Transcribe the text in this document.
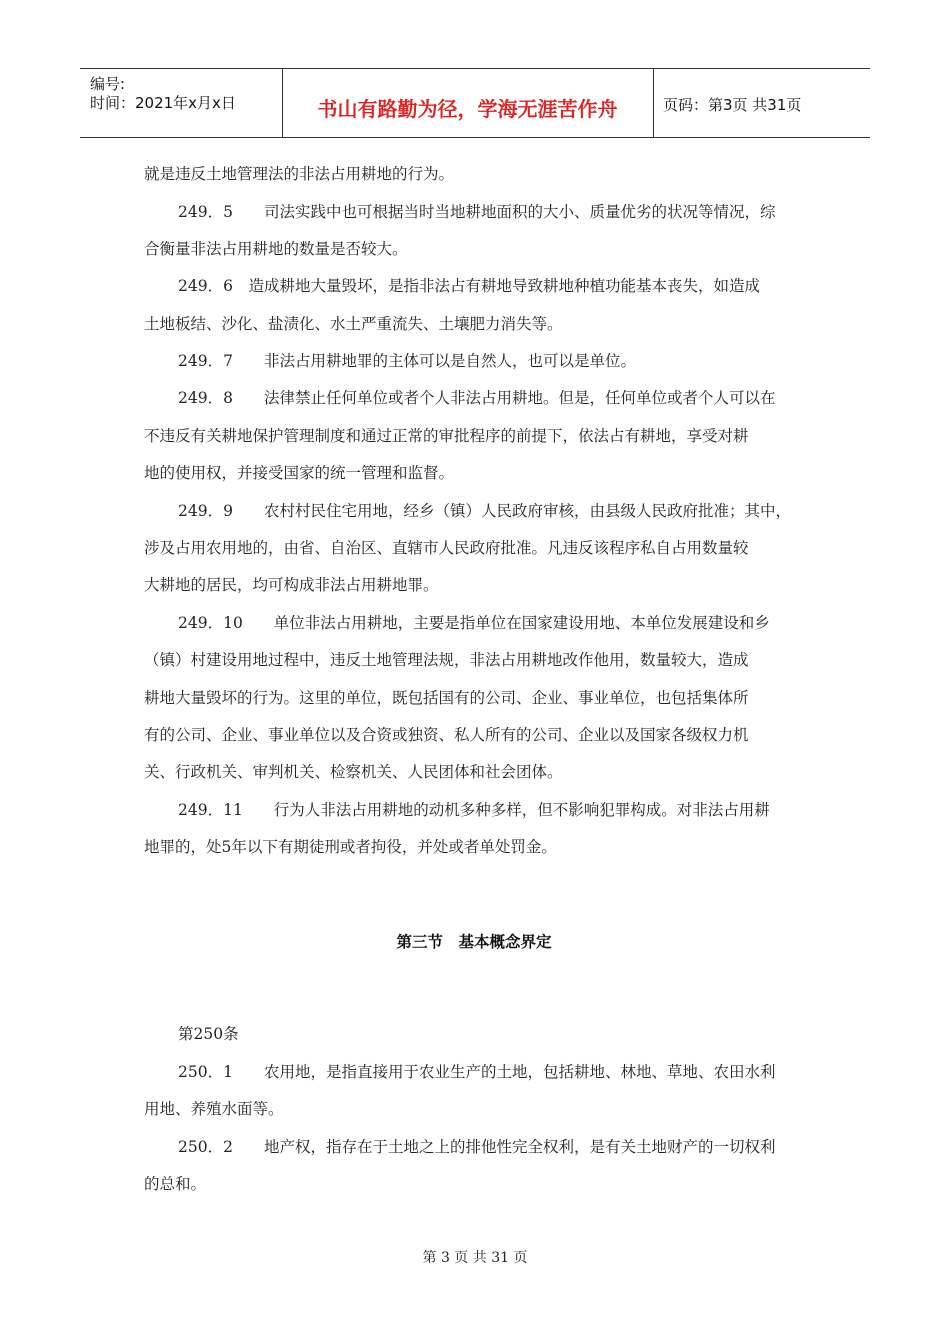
编号:
时间：2021年x月x日	书山有路勤为径，学海无涯苦作舟	页码：第3页 共31页
就是违反土地管理法的非法占用耕地的行为。
249．5　　司法实践中也可根据当时当地耕地面积的大小、质量优劣的状况等情况，综
合衡量非法占用耕地的数量是否较大。
249．6　造成耕地大量毁坏，是指非法占有耕地导致耕地种植功能基本丧失，如造成
土地板结、沙化、盐渍化、水土严重流失、土壤肥力消失等。
249．7　　非法占用耕地罪的主体可以是自然人，也可以是单位。
249．8　　法律禁止任何单位或者个人非法占用耕地。但是，任何单位或者个人可以在
不违反有关耕地保护管理制度和通过正常的审批程序的前提下，依法占有耕地，享受对耕
地的使用权，并接受国家的统一管理和监督。
249．9　　农村村民住宅用地，经乡（镇）人民政府审核，由县级人民政府批准；其中，
涉及占用农用地的，由省、自治区、直辖市人民政府批准。凡违反该程序私自占用数量较
大耕地的居民，均可构成非法占用耕地罪。
249．10　　单位非法占用耕地，主要是指单位在国家建设用地、本单位发展建设和乡
（镇）村建设用地过程中，违反土地管理法规，非法占用耕地改作他用，数量较大，造成
耕地大量毁坏的行为。这里的单位，既包括国有的公司、企业、事业单位，也包括集体所
有的公司、企业、事业单位以及合资或独资、私人所有的公司、企业以及国家各级权力机
关、行政机关、审判机关、检察机关、人民团体和社会团体。
249．11　　行为人非法占用耕地的动机多种多样，但不影响犯罪构成。对非法占用耕
地罪的，处5年以下有期徒刑或者拘役，并处或者单处罚金。
第三节　基本概念界定
第250条
250．1　　农用地，是指直接用于农业生产的土地，包括耕地、林地、草地、农田水利
用地、养殖水面等。
250．2　　地产权，指存在于土地之上的排他性完全权利，是有关土地财产的一切权利
的总和。
第 3 页 共 31 页
